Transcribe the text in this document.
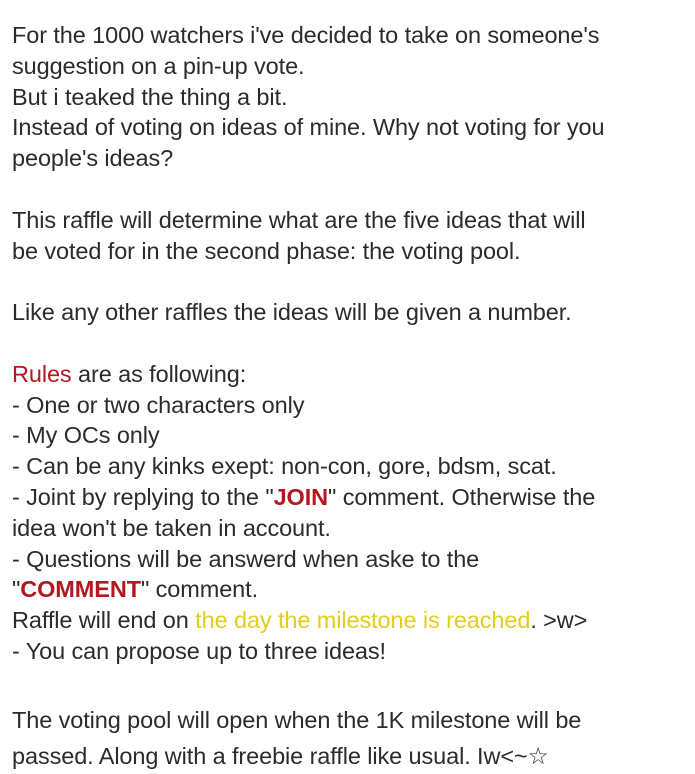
For the 1000 watchers i've decided to take on someone's
suggestion on a pin-up vote.
But i teaked the thing a bit.
Instead of voting on ideas of mine. Why not voting for you
people's ideas?
This raffle will determine what are the five ideas that will
be voted for in the second phase: the voting pool.
Like any other raffles the ideas will be given a number.
Rules are as following:
- One or two characters only
- My OCs only
- Can be any kinks exept: non-con, gore, bdsm, scat.
- Joint by replying to the "JOIN" comment. Otherwise the
idea won't be taken in account.
- Questions will be answerd when aske to the
"COMMENT" comment.
Raffle will end on the day the milestone is reached. >w>
- You can propose up to three ideas!
The voting pool will open when the 1K milestone will be
passed. Along with a freebie raffle like usual. Iw<~☆
